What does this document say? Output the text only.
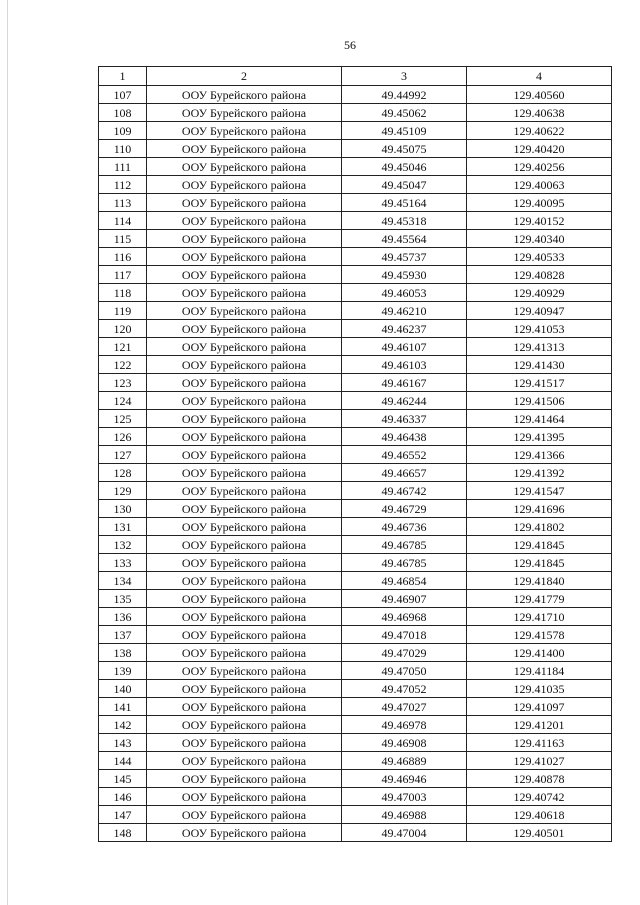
56
1	2	3	4
107	ООУ Бурейского района	49.44992	129.40560
108	ООУ Бурейского района	49.45062	129.40638
109	ООУ Бурейского района	49.45109	129.40622
110	ООУ Бурейского района	49.45075	129.40420
111	ООУ Бурейского района	49.45046	129.40256
112	ООУ Бурейского района	49.45047	129.40063
113	ООУ Бурейского района	49.45164	129.40095
114	ООУ Бурейского района	49.45318	129.40152
115	ООУ Бурейского района	49.45564	129.40340
116	ООУ Бурейского района	49.45737	129.40533
117	ООУ Бурейского района	49.45930	129.40828
118	ООУ Бурейского района	49.46053	129.40929
119	ООУ Бурейского района	49.46210	129.40947
120	ООУ Бурейского района	49.46237	129.41053
121	ООУ Бурейского района	49.46107	129.41313
122	ООУ Бурейского района	49.46103	129.41430
123	ООУ Бурейского района	49.46167	129.41517
124	ООУ Бурейского района	49.46244	129.41506
125	ООУ Бурейского района	49.46337	129.41464
126	ООУ Бурейского района	49.46438	129.41395
127	ООУ Бурейского района	49.46552	129.41366
128	ООУ Бурейского района	49.46657	129.41392
129	ООУ Бурейского района	49.46742	129.41547
130	ООУ Бурейского района	49.46729	129.41696
131	ООУ Бурейского района	49.46736	129.41802
132	ООУ Бурейского района	49.46785	129.41845
133	ООУ Бурейского района	49.46785	129.41845
134	ООУ Бурейского района	49.46854	129.41840
135	ООУ Бурейского района	49.46907	129.41779
136	ООУ Бурейского района	49.46968	129.41710
137	ООУ Бурейского района	49.47018	129.41578
138	ООУ Бурейского района	49.47029	129.41400
139	ООУ Бурейского района	49.47050	129.41184
140	ООУ Бурейского района	49.47052	129.41035
141	ООУ Бурейского района	49.47027	129.41097
142	ООУ Бурейского района	49.46978	129.41201
143	ООУ Бурейского района	49.46908	129.41163
144	ООУ Бурейского района	49.46889	129.41027
145	ООУ Бурейского района	49.46946	129.40878
146	ООУ Бурейского района	49.47003	129.40742
147	ООУ Бурейского района	49.46988	129.40618
148	ООУ Бурейского района	49.47004	129.40501
